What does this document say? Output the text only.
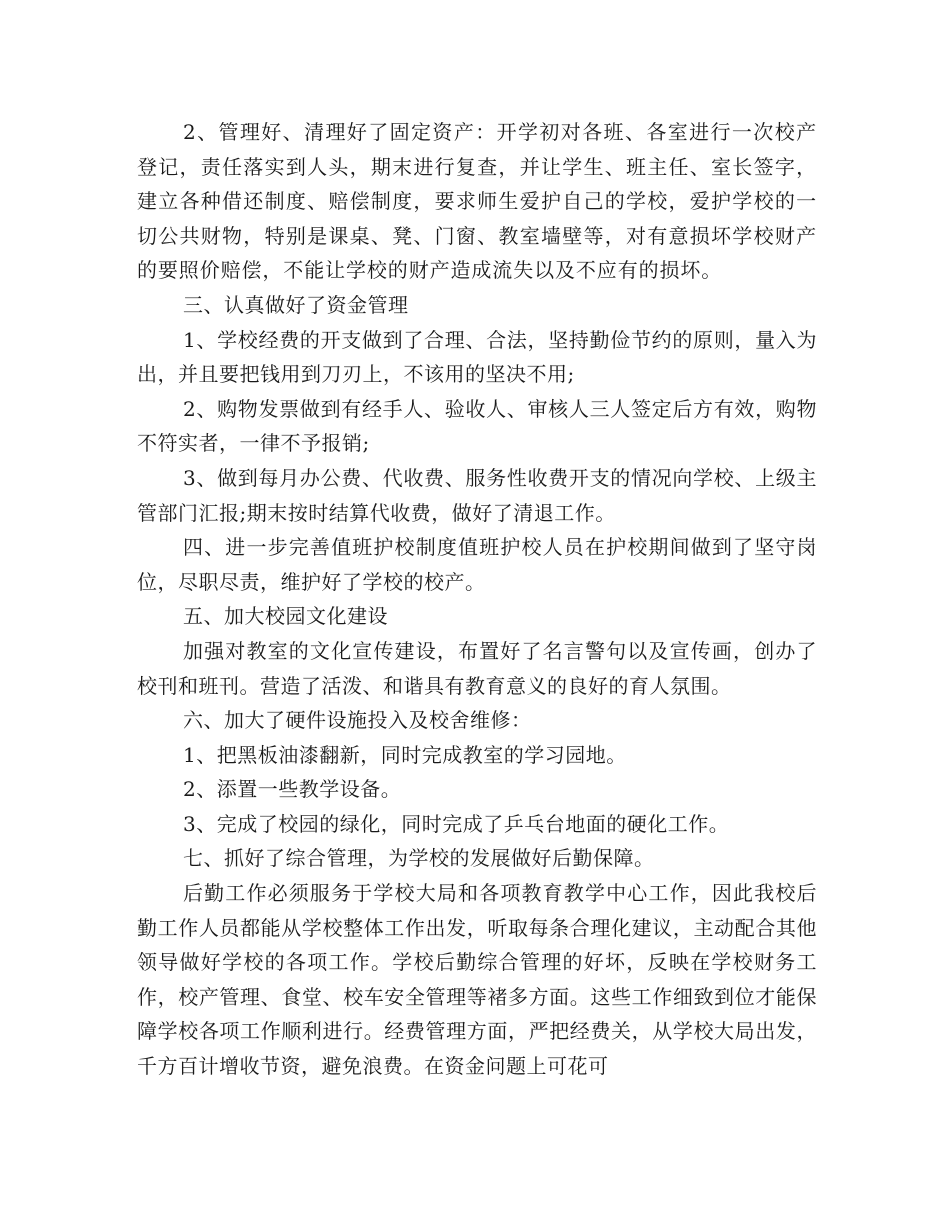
2、管理好、清理好了固定资产：开学初对各班、各室进行一次校产登记，责任落实到人头，期末进行复查，并让学生、班主任、室长签字，建立各种借还制度、赔偿制度，要求师生爱护自己的学校，爱护学校的一切公共财物，特别是课桌、凳、门窗、教室墙壁等，对有意损坏学校财产的要照价赔偿，不能让学校的财产造成流失以及不应有的损坏。

三、认真做好了资金管理

1、学校经费的开支做到了合理、合法，坚持勤俭节约的原则，量入为出，并且要把钱用到刀刃上，不该用的坚决不用;

2、购物发票做到有经手人、验收人、审核人三人签定后方有效，购物不符实者，一律不予报销;

3、做到每月办公费、代收费、服务性收费开支的情况向学校、上级主管部门汇报;期末按时结算代收费，做好了清退工作。

四、进一步完善值班护校制度值班护校人员在护校期间做到了坚守岗位，尽职尽责，维护好了学校的校产。

五、加大校园文化建设

加强对教室的文化宣传建设，布置好了名言警句以及宣传画，创办了校刊和班刊。营造了活泼、和谐具有教育意义的良好的育人氛围。

六、加大了硬件设施投入及校舍维修：

1、把黑板油漆翻新，同时完成教室的学习园地。

2、添置一些教学设备。

3、完成了校园的绿化，同时完成了乒乓台地面的硬化工作。

七、抓好了综合管理，为学校的发展做好后勤保障。

后勤工作必须服务于学校大局和各项教育教学中心工作，因此我校后勤工作人员都能从学校整体工作出发，听取每条合理化建议，主动配合其他领导做好学校的各项工作。学校后勤综合管理的好坏，反映在学校财务工作，校产管理、食堂、校车安全管理等褚多方面。这些工作细致到位才能保障学校各项工作顺利进行。经费管理方面，严把经费关，从学校大局出发，千方百计增收节资，避免浪费。在资金问题上可花可
